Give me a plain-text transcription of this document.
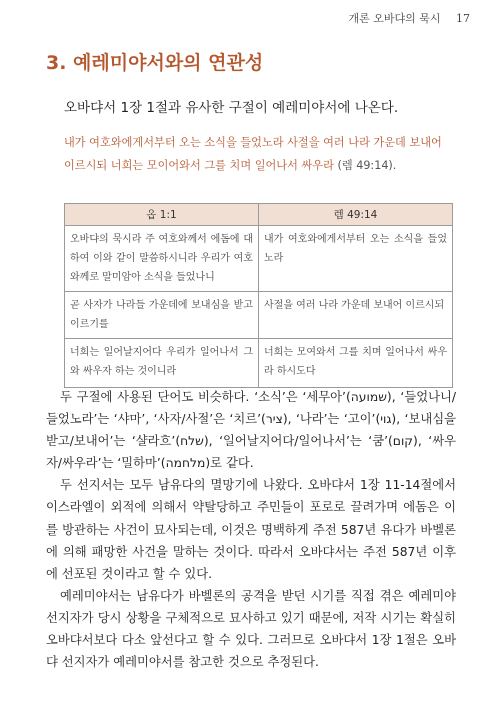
개론 오바댜의 묵시 17
3. 예레미야서와의 연관성
오바댜서 1장 1절과 유사한 구절이 예레미야서에 나온다.
내가 여호와에게서부터 오는 소식을 들었노라 사절을 여러 나라 가운데 보내어 이르시되 너희는 모이어와서 그를 치며 일어나서 싸우라 (렘 49:14).
옵 1:1	렘 49:14
오바댜의 묵시라 주 여호와께서 에돔에 대하여 이와 같이 말씀하시니라 우리가 여호와께로 말미암아 소식을 들었나니	내가 여호와에게서부터 오는 소식을 들었노라
곧 사자가 나라들 가운데에 보내심을 받고 이르기를	사절을 여러 나라 가운데 보내어 이르시되
너희는 일어날지어다 우리가 일어나서 그와 싸우자 하는 것이니라	너희는 모여와서 그를 치며 일어나서 싸우라 하시도다

두 구절에 사용된 단어도 비슷하다. ‘소식’은 ‘세무아’(שמועה), ‘들었나니/들었노라’는 ‘샤마’, ‘사자/사절’은 ‘치르’(ציר), ‘나라’는 ‘고이’(גוי), ‘보내심을 받고/보내어’는 ‘샬라흐’(שלח), ‘일어날지어다/일어나서’는 ‘쿰’(קום), ‘싸우자/싸우라’는 ‘밀하마’(מלחמה)로 같다.

두 선지서는 모두 남유다의 멸망기에 나왔다. 오바댜서 1장 11-14절에서 이스라엘이 외적에 의해서 약탈당하고 주민들이 포로로 끌려가며 에돔은 이를 방관하는 사건이 묘사되는데, 이것은 명백하게 주전 587년 유다가 바벨론에 의해 패망한 사건을 말하는 것이다. 따라서 오바댜서는 주전 587년 이후에 선포된 것이라고 할 수 있다.

예레미야서는 남유다가 바벨론의 공격을 받던 시기를 직접 겪은 예레미야 선지자가 당시 상황을 구체적으로 묘사하고 있기 때문에, 저작 시기는 확실히 오바댜서보다 다소 앞선다고 할 수 있다. 그러므로 오바댜서 1장 1절은 오바댜 선지자가 예레미야서를 참고한 것으로 추정된다.
